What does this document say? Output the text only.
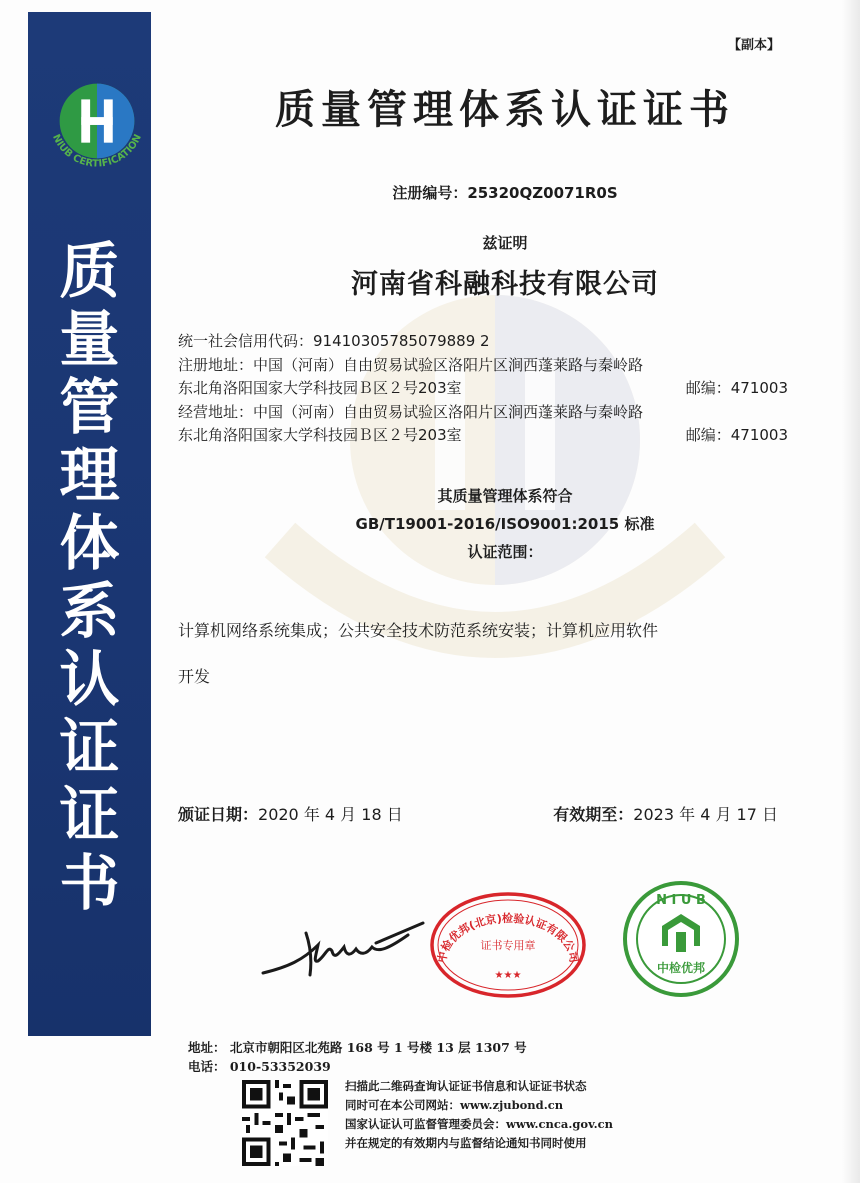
NIUB CERTIFICATION
质
量
管
理
体
系
认
证
证
书
【副本】
质量管理体系认证证书
注册编号：25320QZ0071R0S
兹证明
河南省科融科技有限公司
统一社会信用代码：91410305785079889 2
注册地址：中国（河南）自由贸易试验区洛阳片区涧西蓬莱路与秦岭路
东北角洛阳国家大学科技园Ｂ区２号203室	邮编：471003
经营地址：中国（河南）自由贸易试验区洛阳片区涧西蓬莱路与秦岭路
东北角洛阳国家大学科技园Ｂ区２号203室	邮编：471003
其质量管理体系符合
GB/T19001-2016/ISO9001:2015 标准
认证范围：
计算机网络系统集成；公共安全技术防范系统安装；计算机应用软件
开发
颁证日期：2020 年 4 月 18 日	有效期至：2023 年 4 月 17 日
中检优邦(北京)检验认证有限公司
证书专用章
★★★
N I U B
中检优邦
地址： 北京市朝阳区北苑路 168 号 1 号楼 13 层 1307 号
电话： 010-53352039
扫描此二维码查询认证证书信息和认证证书状态
同时可在本公司网站：www.zjubond.cn
国家认证认可监督管理委员会：www.cnca.gov.cn
并在规定的有效期内与监督结论通知书同时使用
